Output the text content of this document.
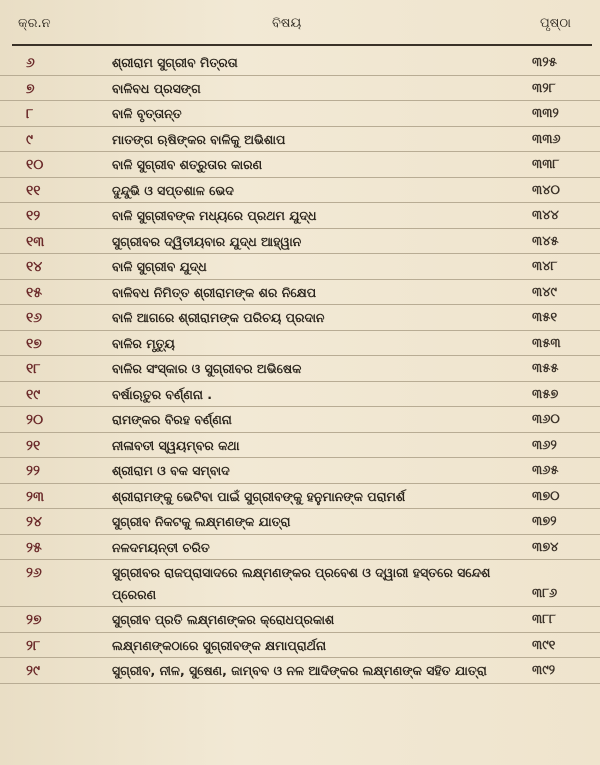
କ୍ର.ନ	ବିଷୟ	ପୃଷ୍ଠା
୬	ଶ୍ରୀରାମ ସୁଗ୍ରୀବ ମିତ୍ରତା	୩୨୫
୭	ବାଳିବଧ ପ୍ରସଙ୍ଗ	୩୨୮
୮	ବାଳି ବୃତ୍ତାନ୍ତ	୩୩୨
୯	ମାତଙ୍ଗ ଋଷିଙ୍କର ବାଳିକୁ ଅଭିଶାପ	୩୩୬
୧୦	ବାଳି ସୁଗ୍ରୀବ ଶତ୍ରୁତାର କାରଣ	୩୩୮
୧୧	ଦୁନ୍ଦୁଭି ଓ ସପ୍ତଶାଳ ଭେଦ	୩୪୦
୧୨	ବାଳି ସୁଗ୍ରୀବଙ୍କ ମଧ୍ୟରେ ପ୍ରଥମ ଯୁଦ୍ଧ	୩୪୪
୧୩	ସୁଗ୍ରୀବର ଦ୍ୱିତୀୟବାର ଯୁଦ୍ଧ ଆହ୍ୱାନ	୩୪୫
୧୪	ବାଳି ସୁଗ୍ରୀବ ଯୁଦ୍ଧ	୩୪୮
୧୫	ବାଳିବଧ ନିମିତ୍ତ ଶ୍ରୀରାମଙ୍କ ଶର ନିକ୍ଷେପ	୩୪୯
୧୬	ବାଳି ଆଗରେ ଶ୍ରୀରାମଙ୍କ ପରିଚୟ ପ୍ରଦାନ	୩୫୧
୧୭	ବାଳିର ମୃତ୍ୟୁ	୩୫୩
୧୮	ବାଳିର ସଂସ୍କାର ଓ ସୁଗ୍ରୀବର ଅଭିଷେକ	୩୫୫
୧୯	ବର୍ଷାଋତୁର ବର୍ଣ୍ଣନା .	୩୫୭
୨୦	ରାମଙ୍କର ବିରହ ବର୍ଣ୍ଣନା	୩୬୦
୨୧	ନୀଳାବତୀ ସ୍ୱୟମ୍ବର କଥା	୩୬୨
୨୨	ଶ୍ରୀରାମ ଓ ବକ ସମ୍ବାଦ	୩୬୫
୨୩	ଶ୍ରୀରାମଙ୍କୁ ଭେଟିବା ପାଇଁ ସୁଗ୍ରୀବଙ୍କୁ ହନୁମାନଙ୍କ ପରାମର୍ଶ	୩୭୦
୨୪	ସୁଗ୍ରୀବ ନିକଟକୁ ଲକ୍ଷ୍ମଣଙ୍କ ଯାତ୍ରା	୩୭୨
୨୫	ନଳଦମୟନ୍ତୀ ଚରିତ	୩୭୪
୨୬	ସୁଗ୍ରୀବର ରାଜପ୍ରାସାଦରେ ଲକ୍ଷ୍ମଣଙ୍କର ପ୍ରବେଶ ଓ ଦ୍ୱାରୀ ହସ୍ତରେ ସନ୍ଦେଶ
ପ୍ରେରଣ	୩୮୬
୨୭	ସୁଗ୍ରୀବ ପ୍ରତି ଲକ୍ଷ୍ମଣଙ୍କର କ୍ରୋଧପ୍ରକାଶ	୩୮୮
୨୮	ଲକ୍ଷ୍ମଣଙ୍କଠାରେ ସୁଗ୍ରୀବଙ୍କ କ୍ଷମାପ୍ରାର୍ଥନା	୩୯୧
୨୯	ସୁଗ୍ରୀବ, ନୀଳ, ସୁଷେଣ, ଜାମ୍ବବ ଓ ନଳ ଆଦିଙ୍କର ଲକ୍ଷ୍ମଣଙ୍କ ସହିତ ଯାତ୍ରା	୩୯୨
